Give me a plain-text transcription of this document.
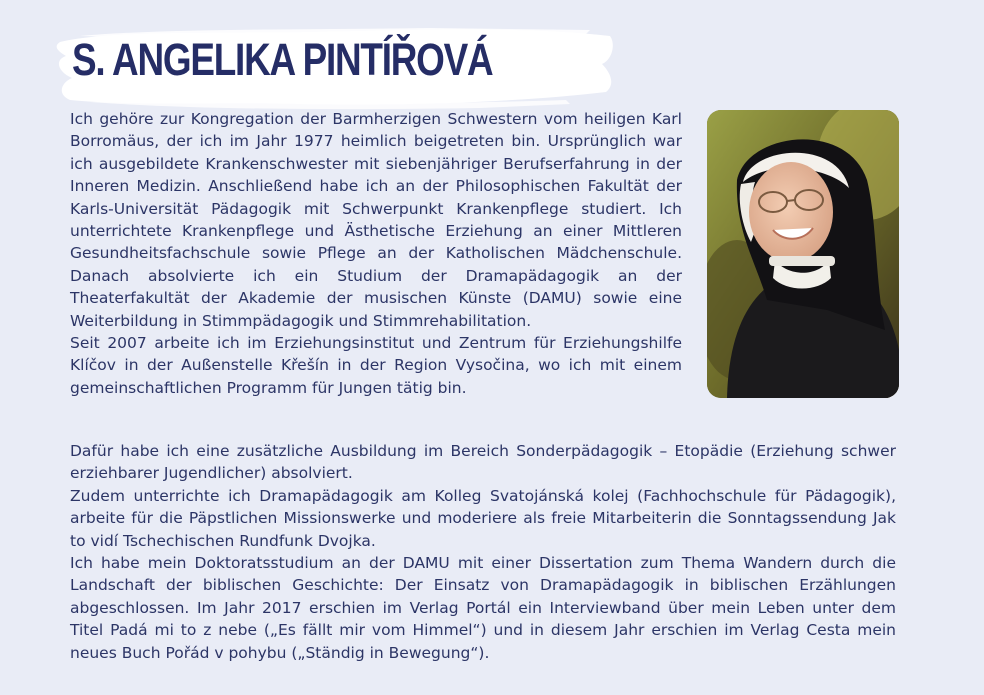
S. ANGELIKA PINTÍŘOVÁ

Ich gehöre zur Kongregation der Barmherzigen Schwestern vom heiligen Karl Borromäus, der ich im Jahr 1977 heimlich beigetreten bin. Ursprünglich war ich ausgebildete Krankenschwester mit siebenjähriger Berufserfahrung in der Inneren Medizin. Anschließend habe ich an der Philosophischen Fakultät der Karls-Universität Pädagogik mit Schwerpunkt Krankenpflege studiert. Ich unterrichtete Krankenpflege und Ästhetische Erziehung an einer Mittleren Gesundheitsfachschule sowie Pflege an der Katholischen Mädchenschule. Danach absolvierte ich ein Studium der Dramapädagogik an der Theaterfakultät der Akademie der musischen Künste (DAMU) sowie eine Weiterbildung in Stimmpädagogik und Stimmrehabilitation.

Seit 2007 arbeite ich im Erziehungsinstitut und Zentrum für Erziehungshilfe Klíčov in der Außenstelle Křešín in der Region Vysočina, wo ich mit einem gemeinschaftlichen Programm für Jungen tätig bin.

Dafür habe ich eine zusätzliche Ausbildung im Bereich Sonderpädagogik – Etopädie (Erziehung schwer erziehbarer Jugendlicher) absolviert.

Zudem unterrichte ich Dramapädagogik am Kolleg Svatojánská kolej (Fachhochschule für Pädagogik), arbeite für die Päpstlichen Missionswerke und moderiere als freie Mitarbeiterin die Sonntagssendung Jak to vidí Tschechischen Rundfunk Dvojka.

Ich habe mein Doktoratsstudium an der DAMU mit einer Dissertation zum Thema Wandern durch die Landschaft der biblischen Geschichte: Der Einsatz von Dramapädagogik in biblischen Erzählungen abgeschlossen. Im Jahr 2017 erschien im Verlag Portál ein Interviewband über mein Leben unter dem Titel Padá mi to z nebe („Es fällt mir vom Himmel“) und in diesem Jahr erschien im Verlag Cesta mein neues Buch Pořád v pohybu („Ständig in Bewegung“).
